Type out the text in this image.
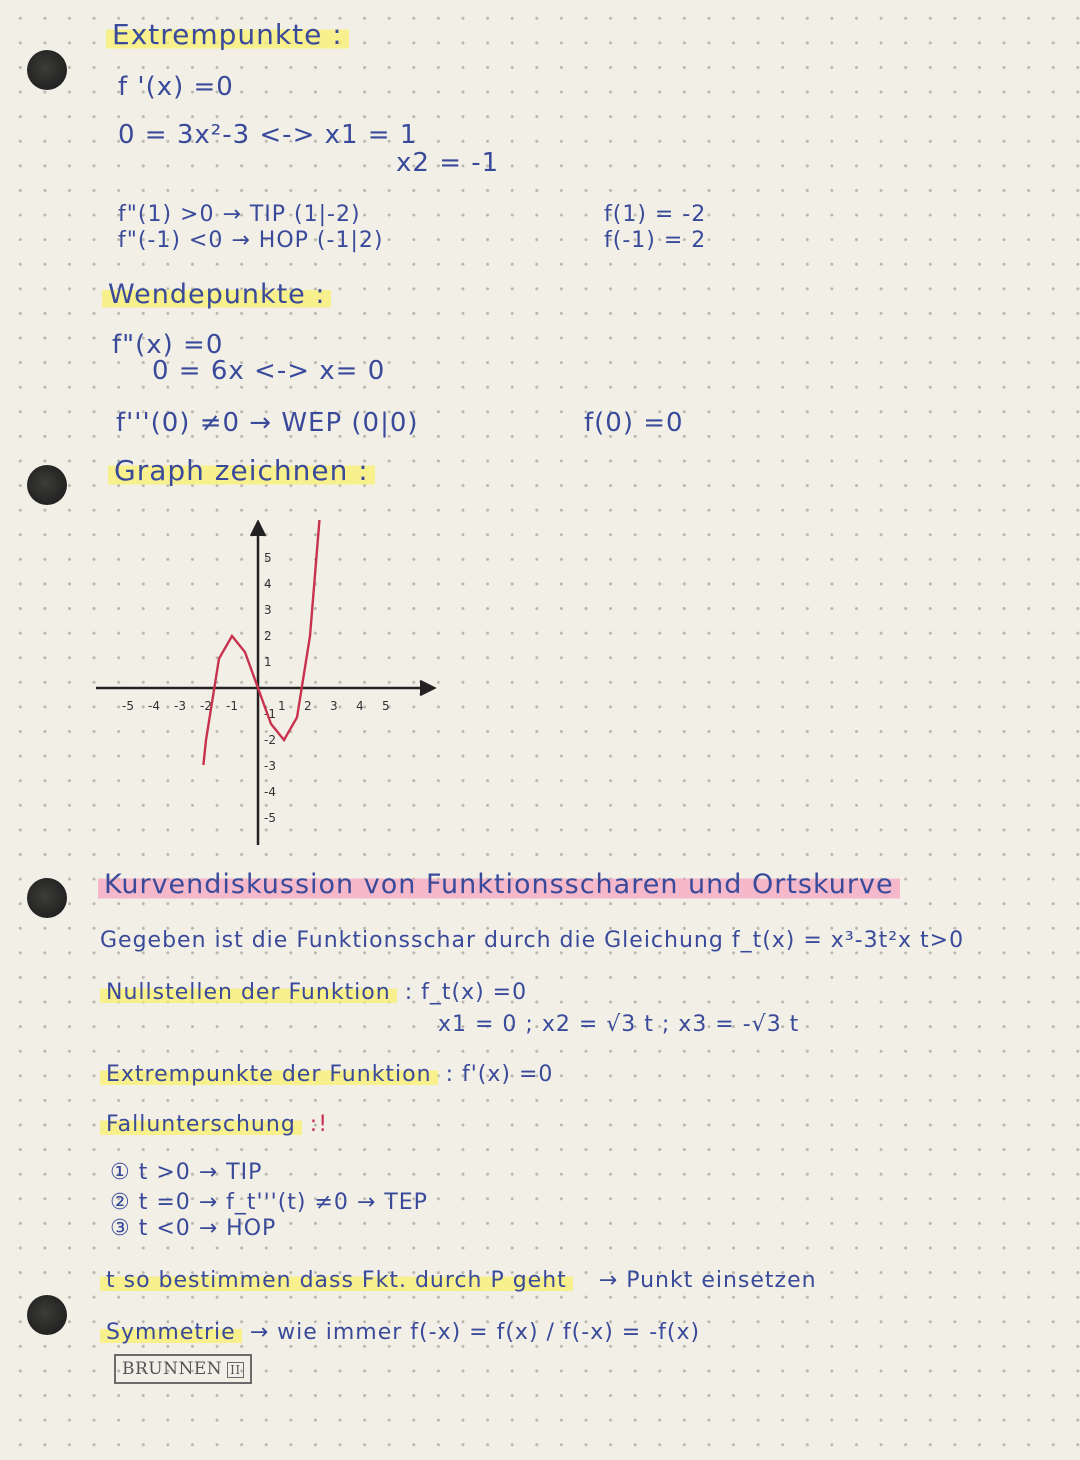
Extrempunkte :
f '(x) =0
0 = 3x²-3 <-> x1 = 1
x2 = -1
f"(1) >0 → TIP (1|-2)
f"(-1) <0 → HOP (-1|2)
f(1) = -2
f(-1) = 2
Wendepunkte :
f"(x) =0
0 = 6x <-> x= 0
f'''(0) ≠0 → WEP (0|0)	f(0) =0
Graph zeichnen :
-5 -4 -3 -2 -1	1 2 3 4 5
5
4
3
2
1
-1
-2
-3
-4
-5
Kurvendiskussion von Funktionsscharen und Ortskurve
Gegeben ist die Funktionsschar durch die Gleichung f_t(x) = x³-3t²x t>0
Nullstellen der Funktion : f_t(x) =0
x1 = 0 ; x2 = √3 t ; x3 = -√3 t
Extrempunkte der Funktion : f'(x) =0
Fallunterschung :!
① t >0 → TIP
② t =0 → f_t'''(t) ≠0 → TEP
③ t <0 → HOP
t so bestimmen dass Fkt. durch P geht → Punkt einsetzen
Symmetrie → wie immer f(-x) = f(x) / f(-x) = -f(x)
BRUNNEN II
